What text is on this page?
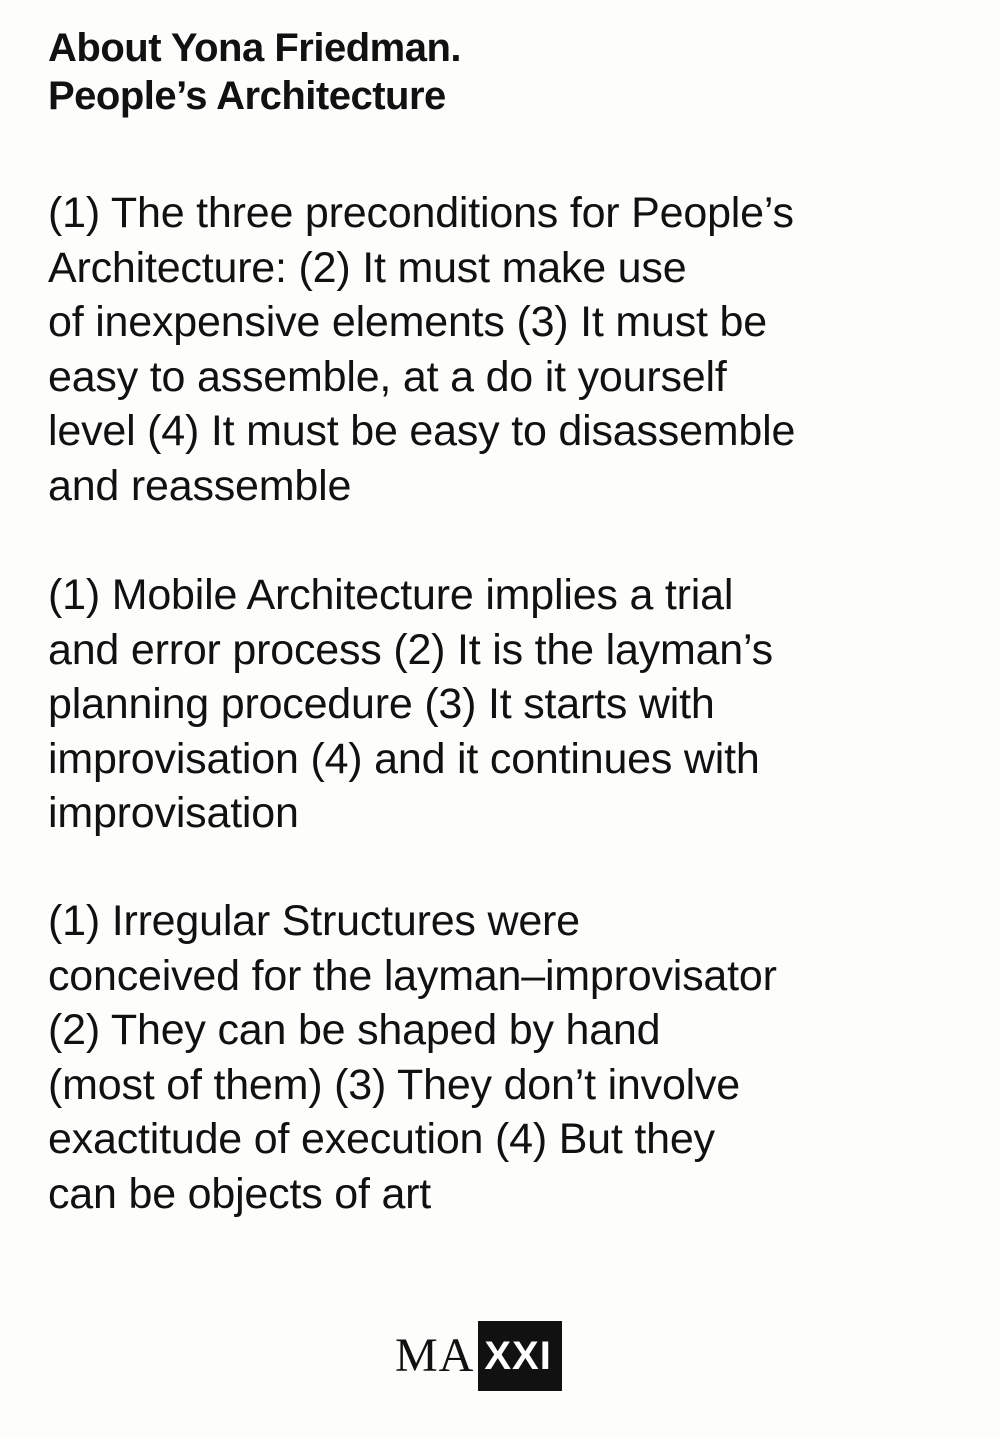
About Yona Friedman.
People’s Architecture

(1) The three preconditions for People’s
Architecture: (2) It must make use
of inexpensive elements (3) It must be
easy to assemble, at a do it yourself
level (4) It must be easy to disassemble
and reassemble

(1) Mobile Architecture implies a trial
and error process (2) It is the layman’s
planning procedure (3) It starts with
improvisation (4) and it continues with
improvisation

(1) Irregular Structures were
conceived for the layman–improvisator
(2) They can be shaped by hand
(most of them) (3) They don’t involve
exactitude of execution (4) But they
can be objects of art

MA XXI
